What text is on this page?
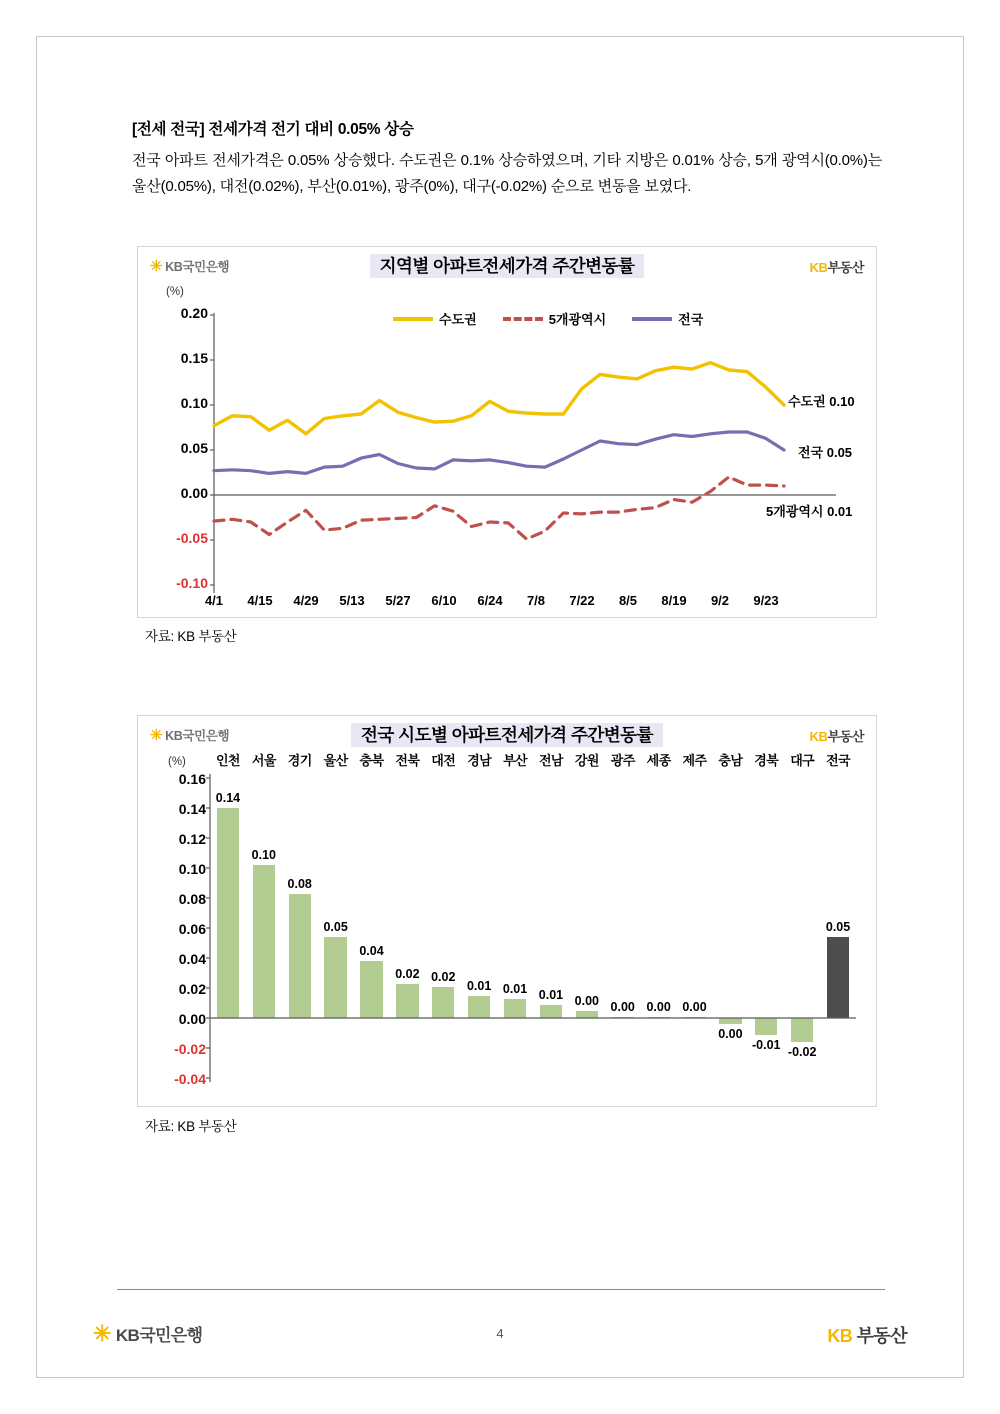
[전세 전국] 전세가격 전기 대비 0.05% 상승
전국 아파트 전세가격은 0.05% 상승했다. 수도권은 0.1% 상승하였으며, 기타 지방은 0.01% 상승, 5개 광역시(0.0%)는 울산(0.05%), 대전(0.02%), 부산(0.01%), 광주(0%), 대구(-0.02%) 순으로 변동을 보였다.
✳ KB국민은행	KB부동산
지역별 아파트전세가격 주간변동률
(%)
0.20
0.15
0.10
0.05
0.00
-0.05
-0.10
수도권	5개광역시	전국
수도권 0.10
전국 0.05
5개광역시 0.01
4/1	4/15	4/29	5/13	5/27	6/10	6/24	7/8	7/22	8/5	8/19	9/2	9/23
자료: KB 부동산
✳ KB국민은행	KB부동산
전국 시도별 아파트전세가격 주간변동률
(%)
0.16
0.14
0.12
0.10
0.08
0.06
0.04
0.02
0.00
-0.02
-0.04
인천 서울 경기 울산 충북 전북 대전 경남 부산 전남 강원 광주 세종 제주 충남 경북 대구 전국
0.14
0.10
0.08
0.05
0.04
0.02 0.02
0.01 0.01 0.01 0.00 0.00 0.00 0.00
0.00
-0.01
-0.02
0.05
자료: KB 부동산
✳ KB국민은행	4	KB 부동산
